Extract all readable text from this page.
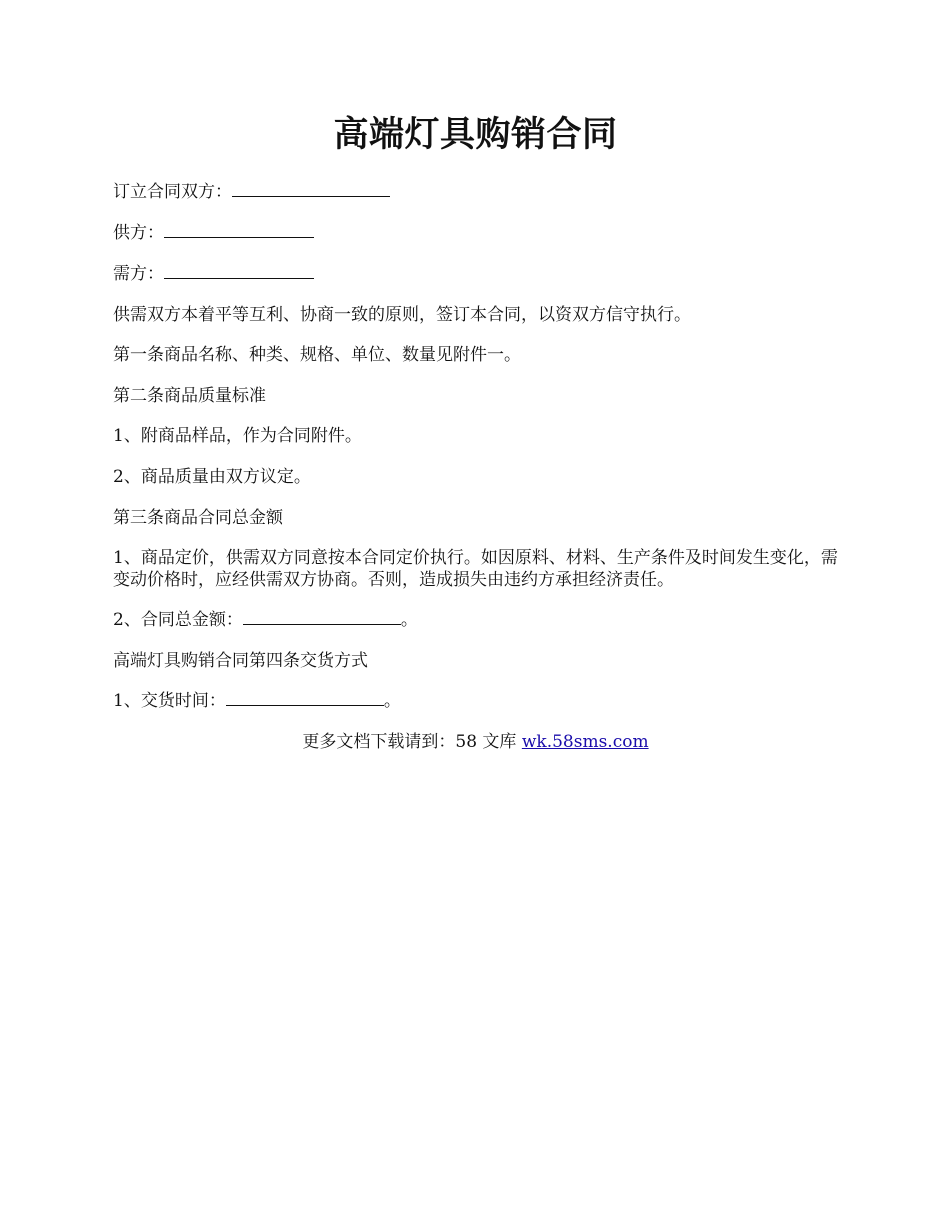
高端灯具购销合同

订立合同双方：

供方：

需方：

供需双方本着平等互利、协商一致的原则，签订本合同，以资双方信守执行。

第一条商品名称、种类、规格、单位、数量见附件一。

第二条商品质量标准

1、附商品样品，作为合同附件。

2、商品质量由双方议定。

第三条商品合同总金额

1、商品定价，供需双方同意按本合同定价执行。如因原料、材料、生产条件及时间发生变化，需变动价格时，应经供需双方协商。否则，造成损失由违约方承担经济责任。

2、合同总金额：	。

高端灯具购销合同第四条交货方式

1、交货时间：	。

更多文档下载请到：58 文库 wk.58sms.com
